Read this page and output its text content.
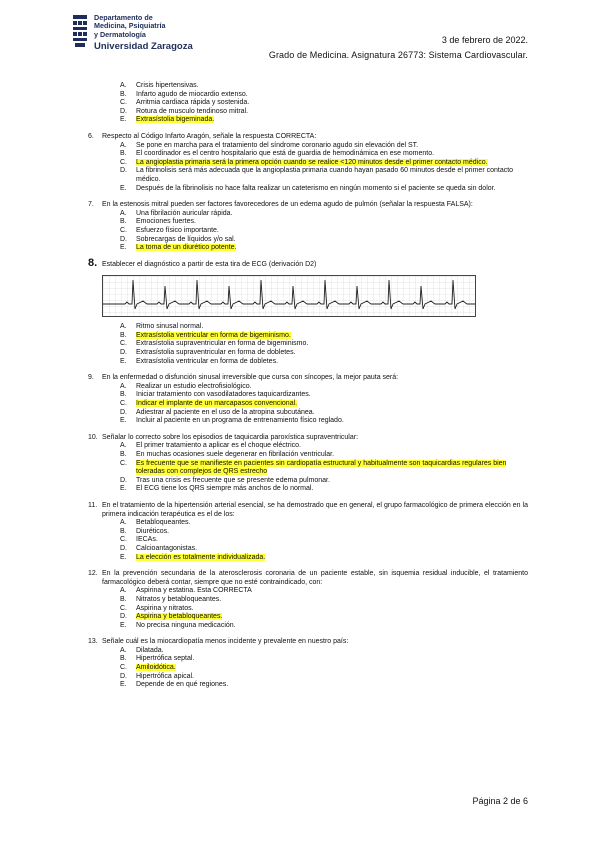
Departamento de
Medicina, Psiquiatría
y Dermatología
Universidad Zaragoza
3 de febrero de 2022.
Grado de Medicina. Asignatura 26773: Sistema Cardiovascular.
A. Crisis hipertensivas.
B. Infarto agudo de miocardio extenso.
C. Arritmia cardiaca rápida y sostenida.
D. Rotura de musculo tendinoso mitral.
E. Extrasístolia bigeminada.
6.	Respecto al Código Infarto Aragón, señale la respuesta CORRECTA:
A. Se pone en marcha para el tratamiento del síndrome coronario agudo sin elevación del ST.
B. El coordinador es el centro hospitalario que está de guardia de hemodinámica en ese momento.
C. La angioplastia primaria será la primera opción cuando se realice <120 minutos desde el primer contacto médico.
D. La fibrinolisis será más adecuada que la angioplastia primaria cuando hayan pasado 60 minutos desde el primer contacto médico.
E. Después de la fibrinolisis no hace falta realizar un cateterismo en ningún momento si el paciente se queda sin dolor.
7.	En la estenosis mitral pueden ser factores favorecedores de un edema agudo de pulmón (señalar la respuesta FALSA):
A. Una fibrilación auricular rápida.
B. Emociones fuertes.
C. Esfuerzo físico importante.
D. Sobrecargas de líquidos y/o sal.
E. La toma de un diurético potente.
8. Establecer el diagnóstico a partir de esta tira de ECG (derivación D2)
A. Ritmo sinusal normal.
B. Extrasístolia ventricular en forma de bigeminismo.
C. Extrasístolia supraventricular en forma de bigeminismo.
D. Extrasístolia supraventricular en forma de dobletes.
E. Extrasístolia ventricular en forma de dobletes.
9.	En la enfermedad o disfunción sinusal irreversible que cursa con síncopes, la mejor pauta será:
A. Realizar un estudio electrofisiológico.
B. Iniciar tratamiento con vasodilatadores taquicardizantes.
C. Indicar el implante de un marcapasos convencional.
D. Adiestrar al paciente en el uso de la atropina subcutánea.
E. Incluir al paciente en un programa de entrenamiento físico reglado.
10. Señalar lo correcto sobre los episodios de taquicardia paroxística supraventricular:
A. El primer tratamiento a aplicar es el choque eléctrico.
B. En muchas ocasiones suele degenerar en fibrilación ventricular.
C. Es frecuente que se manifieste en pacientes sin cardiopatía estructural y habitualmente son taquicardias regulares bien toleradas con complejos de QRS estrecho
D. Tras una crisis es frecuente que se presente edema pulmonar.
E. El ECG tiene los QRS siempre más anchos de lo normal.
11. En el tratamiento de la hipertensión arterial esencial, se ha demostrado que en general, el grupo farmacológico de primera elección en la primera indicación terapéutica es el de los:
A. Betabloqueantes.
B. Diuréticos.
C. IECAs.
D. Calcioantagonistas.
E. La elección es totalmente individualizada.
12. En la prevención secundaria de la aterosclerosis coronaria de un paciente estable, sin isquemia residual inducible, el tratamiento farmacológico deberá contar, siempre que no esté contraindicado, con:
A. Aspirina y estatina. Esta CORRECTA
B. Nitratos y betabloqueantes.
C. Aspirina y nitratos.
D. Aspirina y betabloqueantes.
E. No precisa ninguna medicación.
13. Señale cuál es la miocardiopatía menos incidente y prevalente en nuestro país:
A. Dilatada.
B. Hipertrófica septal.
C. Amiloidótica.
D. Hipertrófica apical.
E. Depende de en qué regiones.
Página 2 de 6
